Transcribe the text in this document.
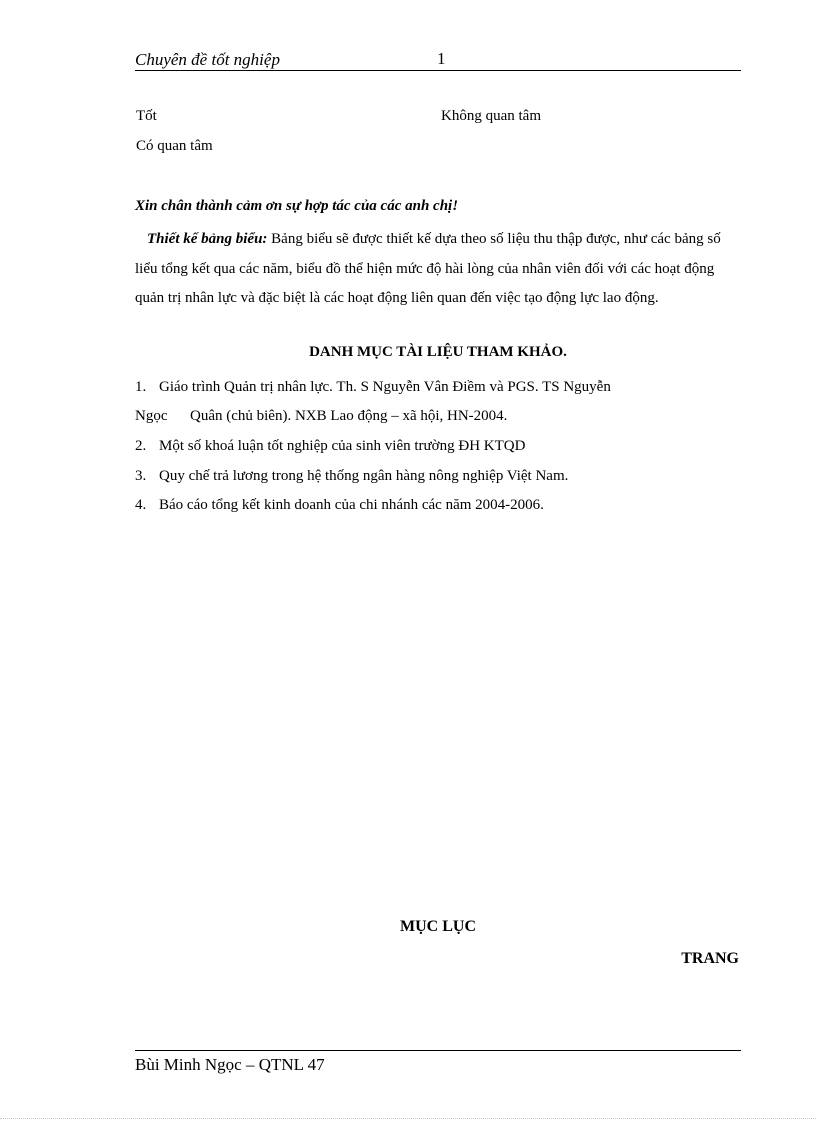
Chuyên đề tốt nghiệp	1
Tốt	Không quan tâm
Có quan tâm
Xin chân thành cảm ơn sự hợp tác của các anh chị!
Thiết kế bảng biểu: Bảng biểu sẽ được thiết kế dựa theo số liệu thu thập được, như các bảng số liểu tổng kết qua các năm, biểu đồ thể hiện mức độ hài lòng của nhân viên đối với các hoạt động quản trị nhân lực và đặc biệt là các hoạt động liên quan đến việc tạo động lực lao động.
DANH MỤC TÀI LIỆU THAM KHẢO.
1. Giáo trình Quản trị nhân lực. Th. S Nguyễn Vân Điềm và PGS. TS Nguyễn
Ngọc      Quân (chủ biên). NXB Lao động – xã hội, HN-2004.
2. Một số khoá luận tốt nghiệp của sinh viên trường ĐH KTQD
3. Quy chế trả lương trong hệ thống ngân hàng nông nghiệp Việt Nam.
4. Báo cáo tổng kết kinh doanh của chi nhánh các năm 2004-2006.
MỤC LỤC
TRANG
Bùi Minh Ngọc – QTNL 47
